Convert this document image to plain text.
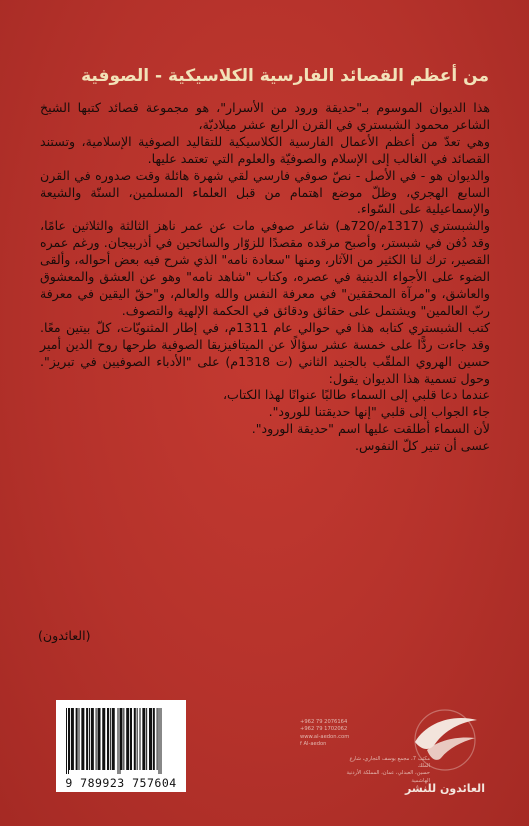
من أعظم القصائد الفارسية الكلاسيكية - الصوفية

هذا الديوان الموسوم بـ"حديقة ورود من الأسرار"، هو مجموعة قصائد كتبها الشيخ الشاعر محمود الشبستري في القرن الرابع عشر ميلاديّة،

وهي تعدّ من أعظم الأعمال الفارسية الكلاسيكية للتقاليد الصوفية الإسلامية، وتستند القصائد في الغالب إلى الإسلام والصوفيّة والعلوم التي تعتمد عليها.

والديوان هو - في الأصل - نصّ صوفي فارسي لقي شهرة هائلة وقت صدوره في القرن السابع الهجري، وظلّ موضع اهتمام من قبل العلماء المسلمين، السنّة والشيعة والإسماعيلية على السّواء.

والشبستري (1317م/720هـ) شاعر صوفي مات عن عمر ناهز الثالثة والثلاثين عامًا، وقد دُفن في شبستر، وأصبح مرقده مقصدًا للزوّار والسائحين في أذربيجان. ورغم عمره القصير، ترك لنا الكثير من الآثار، ومنها "سعادة نامه" الذي شرح فيه بعض أحواله، وألقى الضوء على الأجواء الدينية في عصره، وكتاب "شاهد نامه" وهو عن العشق والمعشوق والعاشق، و"مرآة المحققين" في معرفة النفس والله والعالم، و"حقّ اليقين في معرفة ربّ العالمين" ويشتمل على حقائق ودقائق في الحكمة الإلهية والتصوف.

كتب الشبستري كتابه هذا في حوالي عام 1311م، في إطار المثنويّات، كلّ بيتين معًا. وقد جاءت ردًّا على خمسة عشر سؤالًا عن الميتافيزيقا الصوفية طرحها روح الدين أمير حسين الهروي الملقّب بالجنيد الثاني (ت 1318م) على "الأدباء الصوفيين في تبريز". وحول تسمية هذا الديوان يقول:

عندما دعا قلبي إلى السماء طالبًا عنوانًا لهذا الكتاب،

جاء الجواب إلى قلبي "إنها حديقتنا للورود".

لأن السماء أطلقت عليها اسم "حديقة الورود".

عسى أن تنير كلّ النفوس.

(العائدون)
9 789923 757604
+962 79 2076164
+962 79 1702062
www.al-aedon.com
f Al-aedon
مكتب 7، مجمع يوسف التجاري، شارع الملك
حسين، العبدلي، عمان، المملكة الأردنية الهاشمية
العائدون للنشر
